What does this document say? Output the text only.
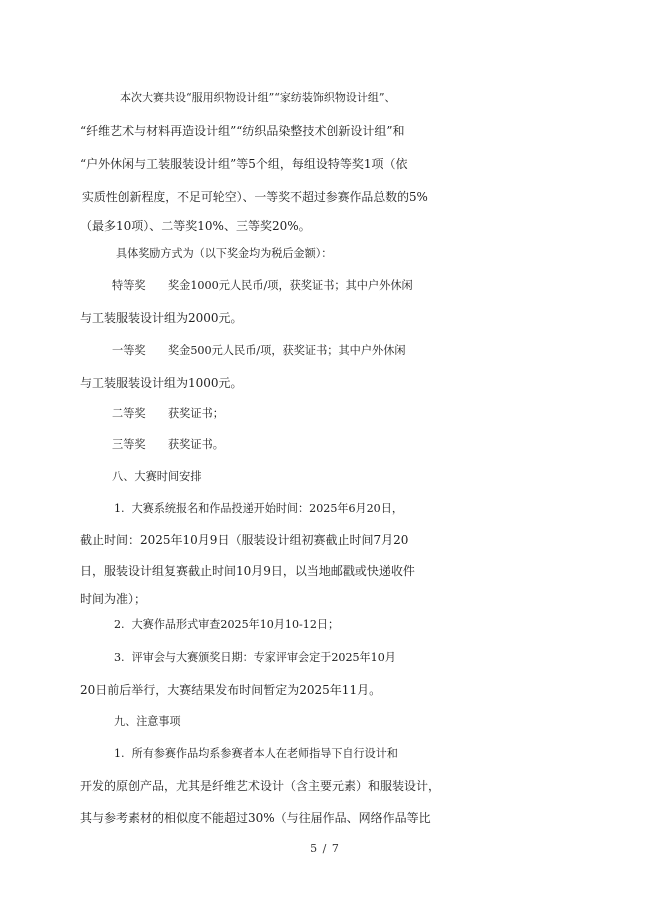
本次大赛共设“服用织物设计组”“家纺装饰织物设计组”、
“纤维艺术与材料再造设计组”“纺织品染整技术创新设计组”和
“户外休闲与工装服装设计组”等5个组，每组设特等奖1项（依
实质性创新程度，不足可轮空）、一等奖不超过参赛作品总数的5%
（最多10项）、二等奖10%、三等奖20%。
具体奖励方式为（以下奖金均为税后金额）：
特等奖　　奖金1000元人民币/项，获奖证书；其中户外休闲
与工装服装设计组为2000元。
一等奖　　奖金500元人民币/项，获奖证书；其中户外休闲
与工装服装设计组为1000元。
二等奖　　获奖证书；
三等奖　　获奖证书。
八、大赛时间安排
1.  大赛系统报名和作品投递开始时间：2025年6月20日，
截止时间：2025年10月9日（服装设计组初赛截止时间7月20
日，服装设计组复赛截止时间10月9日，以当地邮戳或快递收件
时间为准）；
2.  大赛作品形式审查2025年10月10-12日；
3.  评审会与大赛颁奖日期：专家评审会定于2025年10月
20日前后举行，大赛结果发布时间暂定为2025年11月。
九、注意事项
1.  所有参赛作品均系参赛者本人在老师指导下自行设计和
开发的原创产品，尤其是纤维艺术设计（含主要元素）和服装设计，
其与参考素材的相似度不能超过30%（与往届作品、网络作品等比
5 / 7
